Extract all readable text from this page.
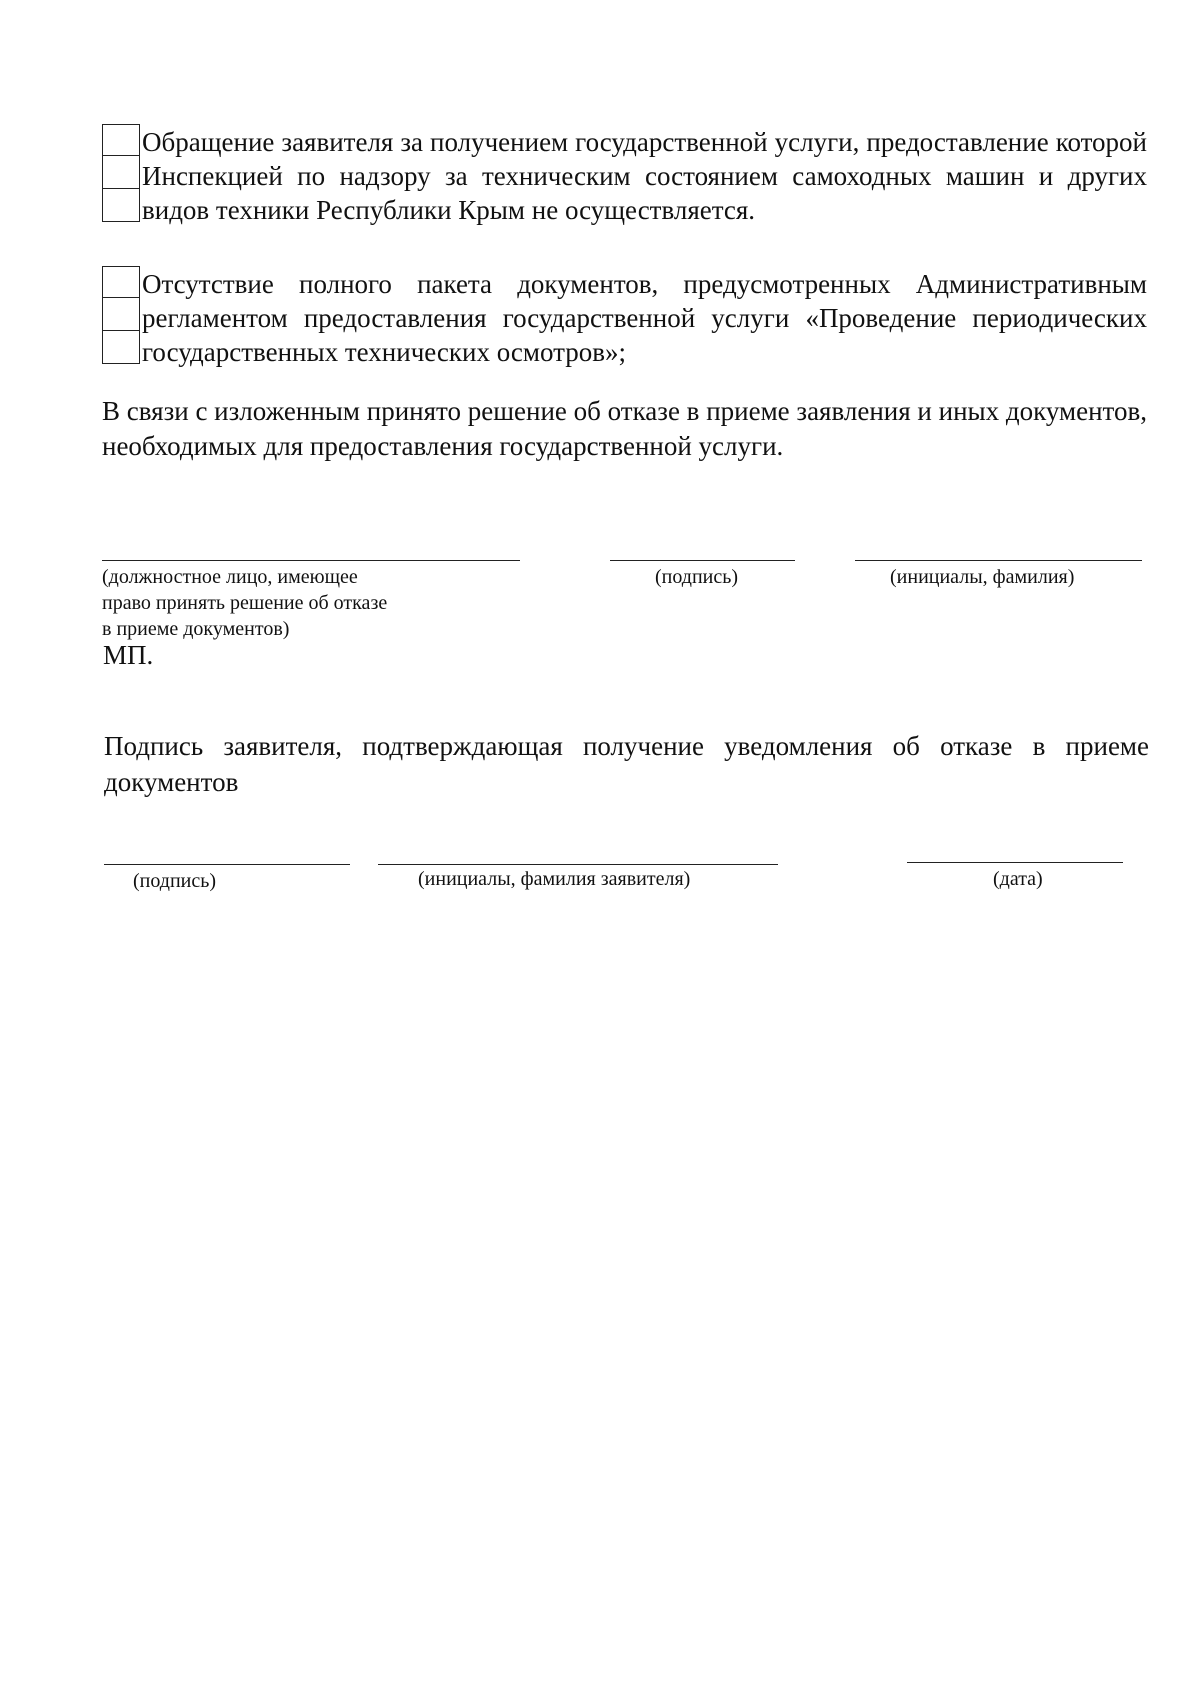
Обращение заявителя за получением государственной услуги, предоставление которой Инспекцией по надзору за техническим состоянием самоходных машин и других видов техники Республики Крым не осуществляется.
Отсутствие полного пакета документов, предусмотренных Административным регламентом предоставления государственной услуги «Проведение периодических государственных технических осмотров»;
В связи с изложенным принято решение об отказе в приеме заявления и иных документов, необходимых для предоставления государственной услуги.
(должностное лицо, имеющее
право принять решение об отказе
в приеме документов)
(подпись)	(инициалы, фамилия)
МП.
Подпись заявителя, подтверждающая получение уведомления об отказе в приеме документов
(подпись)	(инициалы, фамилия заявителя)	(дата)
